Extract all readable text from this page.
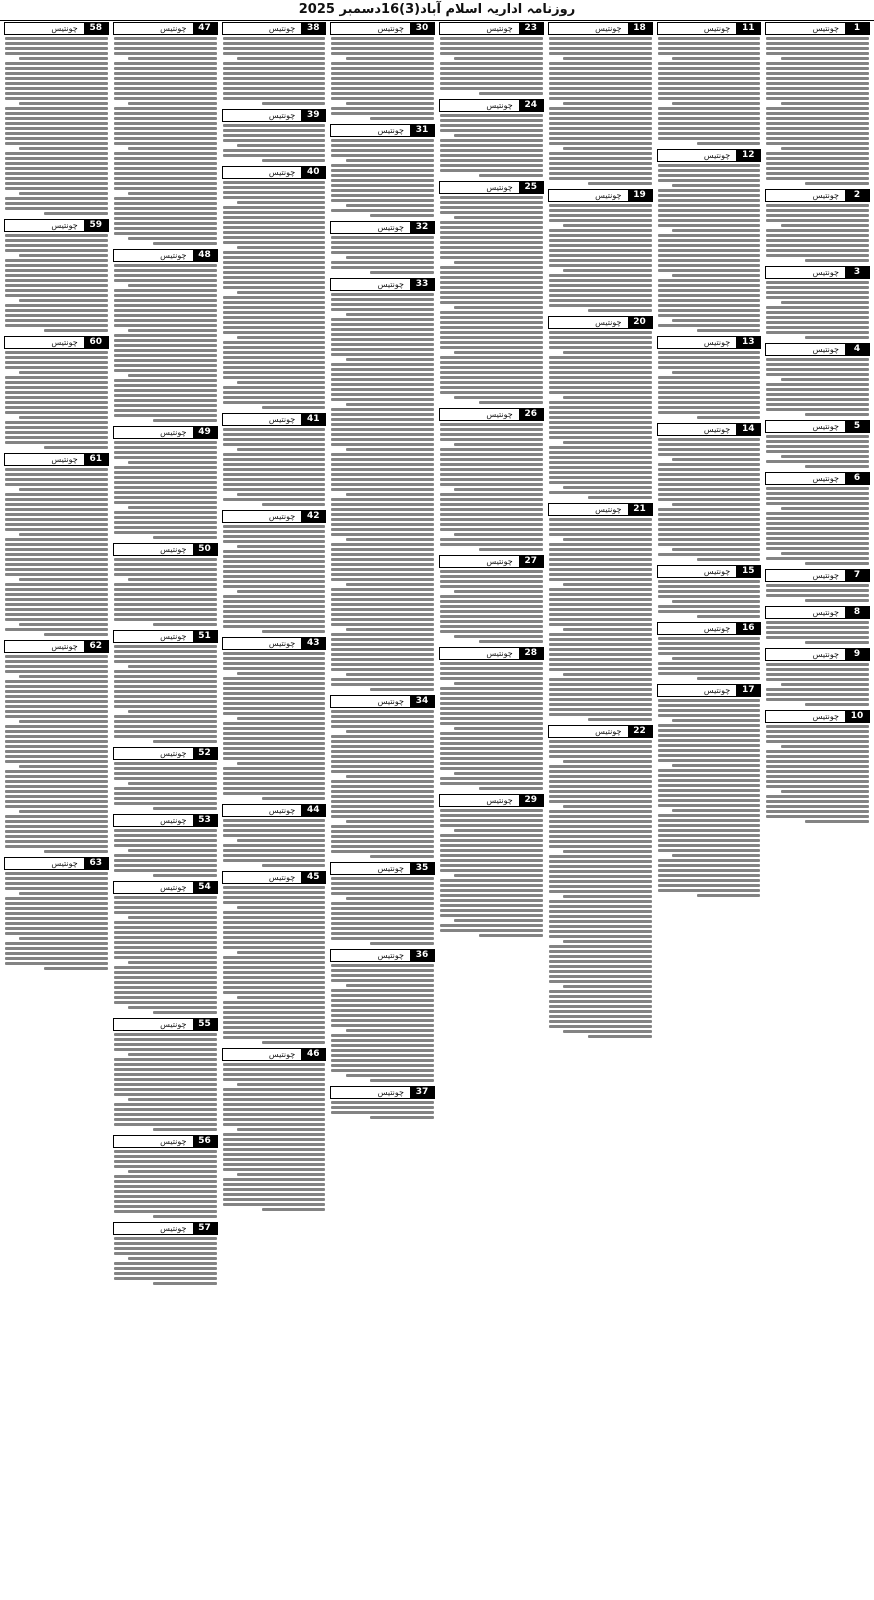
روزنامہ اداریہ اسلام آباد(3)16دسمبر 2025
1
چونتیس
2
چونتیس
3
چونتیس
4
چونتیس
5
چونتیس
6
چونتیس
7
چونتیس
8
چونتیس
9
چونتیس
10
چونتیس
11
چونتیس
12
چونتیس
13
چونتیس
14
چونتیس
15
چونتیس
16
چونتیس
17
چونتیس
18
چونتیس
19
چونتیس
20
چونتیس
21
چونتیس
22
چونتیس
23
چونتیس
24
چونتیس
25
چونتیس
26
چونتیس
27
چونتیس
28
چونتیس
29
چونتیس
30
چونتیس
31
چونتیس
32
چونتیس
33
چونتیس
34
چونتیس
35
چونتیس
36
چونتیس
37
چونتیس
38
چونتیس
39
چونتیس
40
چونتیس
41
چونتیس
42
چونتیس
43
چونتیس
44
چونتیس
45
چونتیس
46
چونتیس
47
چونتیس
48
چونتیس
49
چونتیس
50
چونتیس
51
چونتیس
52
چونتیس
53
چونتیس
54
چونتیس
55
چونتیس
56
چونتیس
57
چونتیس
58
چونتیس
59
چونتیس
60
چونتیس
61
چونتیس
62
چونتیس
63
چونتیس
